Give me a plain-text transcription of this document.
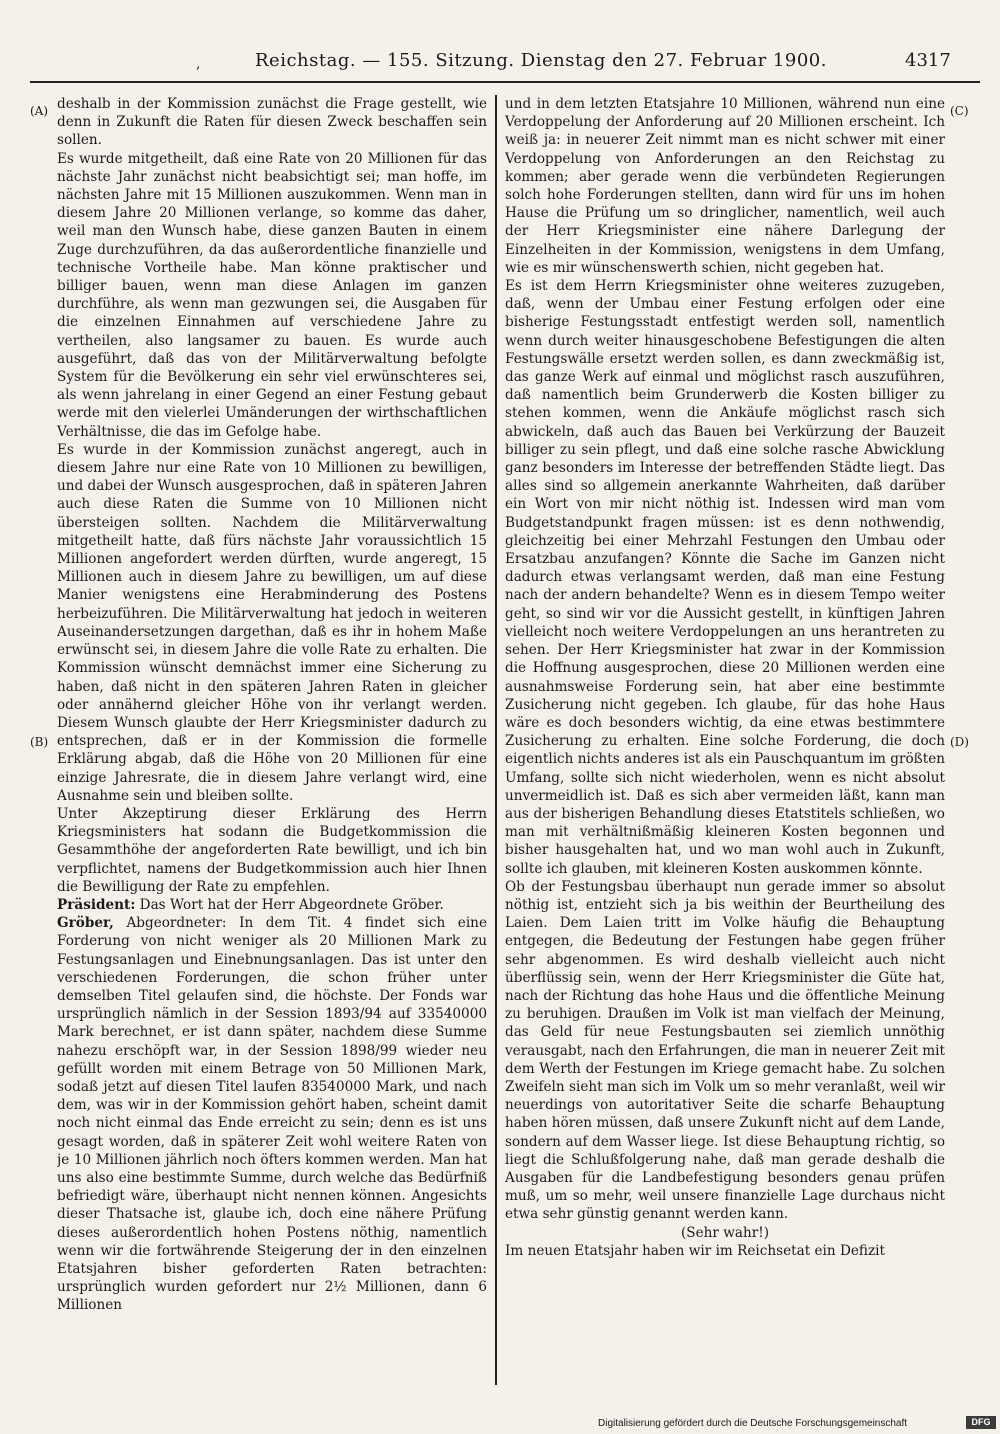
,	Reichstag. — 155. Sitzung. Dienstag den 27. Februar 1900.	4317
(A)
(B)
(C)
(D)

deshalb in der Kommission zunächst die Frage gestellt, wie denn in Zukunft die Raten für diesen Zweck beschaffen sein sollen.

Es wurde mitgetheilt, daß eine Rate von 20 Millionen für das nächste Jahr zunächst nicht beabsichtigt sei; man hoffe, im nächsten Jahre mit 15 Millionen auszukommen. Wenn man in diesem Jahre 20 Millionen verlange, so komme das daher, weil man den Wunsch habe, diese ganzen Bauten in einem Zuge durchzuführen, da das außerordentliche finanzielle und technische Vortheile habe. Man könne praktischer und billiger bauen, wenn man diese Anlagen im ganzen durchführe, als wenn man gezwungen sei, die Ausgaben für die einzelnen Einnahmen auf verschiedene Jahre zu vertheilen, also langsamer zu bauen. Es wurde auch ausgeführt, daß das von der Militärverwaltung befolgte System für die Bevölkerung ein sehr viel erwünschteres sei, als wenn jahrelang in einer Gegend an einer Festung gebaut werde mit den vielerlei Umänderungen der wirthschaftlichen Verhältnisse, die das im Gefolge habe.

Es wurde in der Kommission zunächst angeregt, auch in diesem Jahre nur eine Rate von 10 Millionen zu bewilligen, und dabei der Wunsch ausgesprochen, daß in späteren Jahren auch diese Raten die Summe von 10 Millionen nicht übersteigen sollten. Nachdem die Militärverwaltung mitgetheilt hatte, daß fürs nächste Jahr voraussichtlich 15 Millionen angefordert werden dürften, wurde angeregt, 15 Millionen auch in diesem Jahre zu bewilligen, um auf diese Manier wenigstens eine Herabminderung des Postens herbeizuführen. Die Militärverwaltung hat jedoch in weiteren Auseinandersetzungen dargethan, daß es ihr in hohem Maße erwünscht sei, in diesem Jahre die volle Rate zu erhalten. Die Kommission wünscht demnächst immer eine Sicherung zu haben, daß nicht in den späteren Jahren Raten in gleicher oder annähernd gleicher Höhe von ihr verlangt werden. Diesem Wunsch glaubte der Herr Kriegsminister dadurch zu entsprechen, daß er in der Kommission die formelle Erklärung abgab, daß die Höhe von 20 Millionen für eine einzige Jahresrate, die in diesem Jahre verlangt wird, eine Ausnahme sein und bleiben sollte.

Unter Akzeptirung dieser Erklärung des Herrn Kriegsministers hat sodann die Budgetkommission die Gesammthöhe der angeforderten Rate bewilligt, und ich bin verpflichtet, namens der Budgetkommission auch hier Ihnen die Bewilligung der Rate zu empfehlen.

Präsident: Das Wort hat der Herr Abgeordnete Gröber.

Gröber, Abgeordneter: In dem Tit. 4 findet sich eine Forderung von nicht weniger als 20 Millionen Mark zu Festungsanlagen und Einebnungsanlagen. Das ist unter den verschiedenen Forderungen, die schon früher unter demselben Titel gelaufen sind, die höchste. Der Fonds war ursprünglich nämlich in der Session 1893/94 auf 33540000 Mark berechnet, er ist dann später, nachdem diese Summe nahezu erschöpft war, in der Session 1898/99 wieder neu gefüllt worden mit einem Betrage von 50 Millionen Mark, sodaß jetzt auf diesen Titel laufen 83540000 Mark, und nach dem, was wir in der Kommission gehört haben, scheint damit noch nicht einmal das Ende erreicht zu sein; denn es ist uns gesagt worden, daß in späterer Zeit wohl weitere Raten von je 10 Millionen jährlich noch öfters kommen werden. Man hat uns also eine bestimmte Summe, durch welche das Bedürfniß befriedigt wäre, überhaupt nicht nennen können. Angesichts dieser Thatsache ist, glaube ich, doch eine nähere Prüfung dieses außerordentlich hohen Postens nöthig, namentlich wenn wir die fortwährende Steigerung der in den einzelnen Etatsjahren bisher geforderten Raten betrachten: ursprünglich wurden gefordert nur 2½ Millionen, dann 6 Millionen

und in dem letzten Etatsjahre 10 Millionen, während nun eine Verdoppelung der Anforderung auf 20 Millionen erscheint. Ich weiß ja: in neuerer Zeit nimmt man es nicht schwer mit einer Verdoppelung von Anforderungen an den Reichstag zu kommen; aber gerade wenn die verbündeten Regierungen solch hohe Forderungen stellten, dann wird für uns im hohen Hause die Prüfung um so dringlicher, namentlich, weil auch der Herr Kriegsminister eine nähere Darlegung der Einzelheiten in der Kommission, wenigstens in dem Umfang, wie es mir wünschenswerth schien, nicht gegeben hat.

Es ist dem Herrn Kriegsminister ohne weiteres zuzugeben, daß, wenn der Umbau einer Festung erfolgen oder eine bisherige Festungsstadt entfestigt werden soll, namentlich wenn durch weiter hinausgeschobene Befestigungen die alten Festungswälle ersetzt werden sollen, es dann zweckmäßig ist, das ganze Werk auf einmal und möglichst rasch auszuführen, daß namentlich beim Grunderwerb die Kosten billiger zu stehen kommen, wenn die Ankäufe möglichst rasch sich abwickeln, daß auch das Bauen bei Verkürzung der Bauzeit billiger zu sein pflegt, und daß eine solche rasche Abwicklung ganz besonders im Interesse der betreffenden Städte liegt. Das alles sind so allgemein anerkannte Wahrheiten, daß darüber ein Wort von mir nicht nöthig ist. Indessen wird man vom Budgetstandpunkt fragen müssen: ist es denn nothwendig, gleichzeitig bei einer Mehrzahl Festungen den Umbau oder Ersatzbau anzufangen? Könnte die Sache im Ganzen nicht dadurch etwas verlangsamt werden, daß man eine Festung nach der andern behandelte? Wenn es in diesem Tempo weiter geht, so sind wir vor die Aussicht gestellt, in künftigen Jahren vielleicht noch weitere Verdoppelungen an uns herantreten zu sehen. Der Herr Kriegsminister hat zwar in der Kommission die Hoffnung ausgesprochen, diese 20 Millionen werden eine ausnahmsweise Forderung sein, hat aber eine bestimmte Zusicherung nicht gegeben. Ich glaube, für das hohe Haus wäre es doch besonders wichtig, da eine etwas bestimmtere Zusicherung zu erhalten. Eine solche Forderung, die doch eigentlich nichts anderes ist als ein Pauschquantum im größten Umfang, sollte sich nicht wiederholen, wenn es nicht absolut unvermeidlich ist. Daß es sich aber vermeiden läßt, kann man aus der bisherigen Behandlung dieses Etatstitels schließen, wo man mit verhältnißmäßig kleineren Kosten begonnen und bisher hausgehalten hat, und wo man wohl auch in Zukunft, sollte ich glauben, mit kleineren Kosten auskommen könnte.

Ob der Festungsbau überhaupt nun gerade immer so absolut nöthig ist, entzieht sich ja bis weithin der Beurtheilung des Laien. Dem Laien tritt im Volke häufig die Behauptung entgegen, die Bedeutung der Festungen habe gegen früher sehr abgenommen. Es wird deshalb vielleicht auch nicht überflüssig sein, wenn der Herr Kriegsminister die Güte hat, nach der Richtung das hohe Haus und die öffentliche Meinung zu beruhigen. Draußen im Volk ist man vielfach der Meinung, das Geld für neue Festungsbauten sei ziemlich unnöthig verausgabt, nach den Erfahrungen, die man in neuerer Zeit mit dem Werth der Festungen im Kriege gemacht habe. Zu solchen Zweifeln sieht man sich im Volk um so mehr veranlaßt, weil wir neuerdings von autoritativer Seite die scharfe Behauptung haben hören müssen, daß unsere Zukunft nicht auf dem Lande, sondern auf dem Wasser liege. Ist diese Behauptung richtig, so liegt die Schlußfolgerung nahe, daß man gerade deshalb die Ausgaben für die Landbefestigung besonders genau prüfen muß, um so mehr, weil unsere finanzielle Lage durchaus nicht etwa sehr günstig genannt werden kann.

(Sehr wahr!)

Im neuen Etatsjahr haben wir im Reichsetat ein Defizit

Digitalisierung gefördert durch die Deutsche Forschungsgemeinschaft	DFG
